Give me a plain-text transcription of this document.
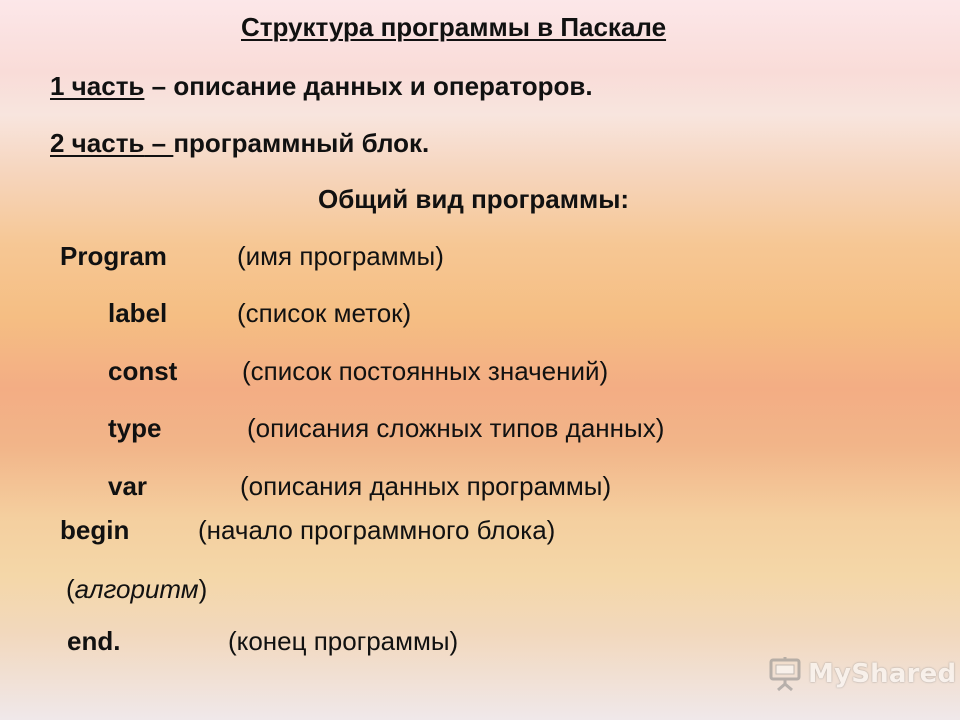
Структура программы в Паскале
1 часть – описание данных и операторов.
2 часть – программный блок.
Общий вид программы:
Program	(имя программы)
label	(список меток)
const (список постоянных значений)
type	(описания сложных типов данных)
var	(описания данных программы)
begin	(начало программного блока)
(алгоритм)
end.	(конец программы)
MyShared
